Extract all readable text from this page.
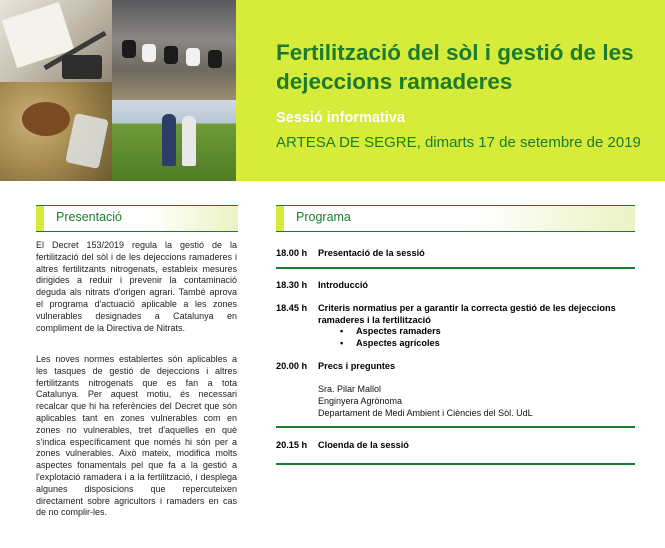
Fertilització del sòl i gestió de les dejeccions ramaderes
Sessió informativa
ARTESA DE SEGRE, dimarts 17 de setembre de 2019
Presentació

El Decret 153/2019 regula la gestió de la fertilització del sòl i de les dejeccions ramaderes i altres fertilitzants nitrogenats, estableix mesures dirigides a reduir i prevenir la contaminació deguda als nitrats d'origen agrari. També aprova el programa d'actuació aplicable a les zones vulnerables designades a Catalunya en compliment de la Directiva de Nitrats.

Les noves normes establertes són aplicables a les tasques de gestió de dejeccions i altres fertilitzants nitrogenats que es fan a tota Catalunya. Per aquest motiu, és necessari recalcar que hi ha referències del Decret que són aplicables tant en zones vulnerables com en zones no vulnerables, tret d'aquelles en què s'indica específicament que només hi són per a zones vulnerables. Això mateix, modifica molts aspectes fonamentals pel que fa a la gestió a l'explotació ramadera i a la fertilització, i desplega algunes disposicions que repercuteixen directament sobre agricultors i ramaders en cas de no complir-les.

Programa
18.00 h	Presentació de la sessió
18.30 h	Introducció
18.45 h	Criteris normatius per a garantir la correcta gestió de les dejeccions ramaderes i la fertilització
• Aspectes ramaders
• Aspectes agrícoles
20.00 h	Precs i preguntes
Sra. Pilar Mallol
Enginyera Agrònoma
Departament de Medi Ambient i Ciències del Sòl. UdL
20.15 h	Cloenda de la sessió
